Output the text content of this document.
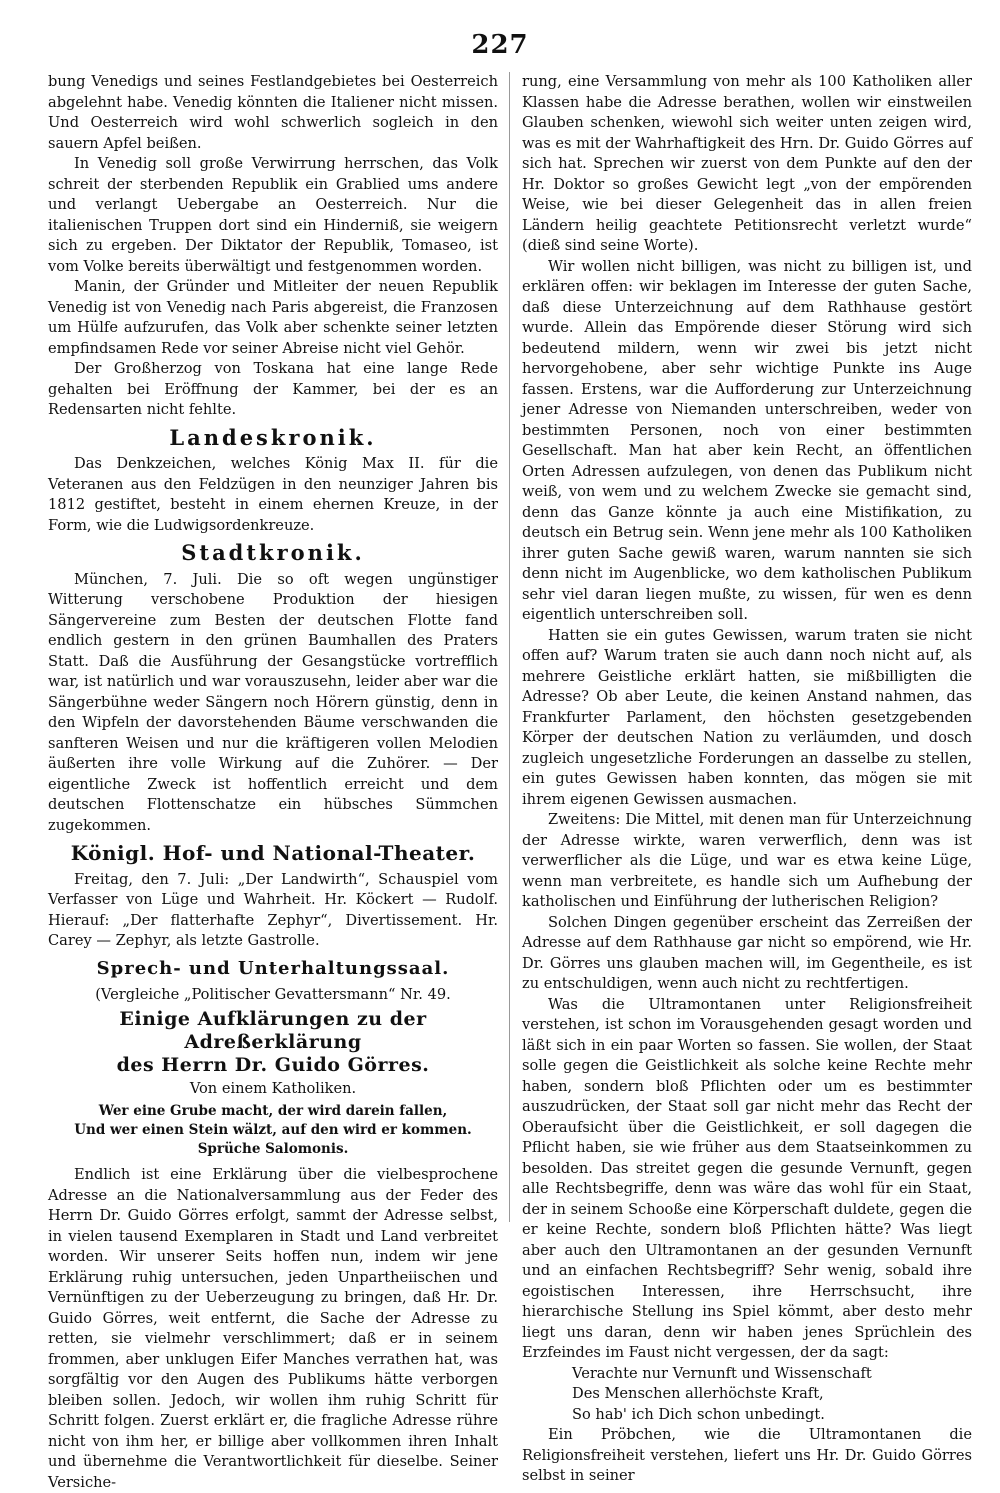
227

bung Venedigs und seines Festlandgebietes bei Oesterreich abgelehnt habe. Venedig könnten die Italiener nicht missen. Und Oesterreich wird wohl schwerlich sogleich in den sauern Apfel beißen.

In Venedig soll große Verwirrung herrschen, das Volk schreit der sterbenden Republik ein Grablied ums andere und verlangt Uebergabe an Oesterreich. Nur die italienischen Truppen dort sind ein Hinderniß, sie weigern sich zu ergeben. Der Diktator der Republik, Tomaseo, ist vom Volke bereits überwältigt und festgenommen worden.

Manin, der Gründer und Mitleiter der neuen Republik Venedig ist von Venedig nach Paris abgereist, die Franzosen um Hülfe aufzurufen, das Volk aber schenkte seiner letzten empfindsamen Rede vor seiner Abreise nicht viel Gehör.

Der Großherzog von Toskana hat eine lange Rede gehalten bei Eröffnung der Kammer, bei der es an Redensarten nicht fehlte.

Landeskronik.

Das Denkzeichen, welches König Max II. für die Veteranen aus den Feldzügen in den neunziger Jahren bis 1812 gestiftet, besteht in einem ehernen Kreuze, in der Form, wie die Ludwigsordenkreuze.

Stadtkronik.

München, 7. Juli. Die so oft wegen ungünstiger Witterung verschobene Produktion der hiesigen Sängervereine zum Besten der deutschen Flotte fand endlich gestern in den grünen Baumhallen des Praters Statt. Daß die Ausführung der Gesangstücke vortrefflich war, ist natürlich und war vorauszusehn, leider aber war die Sängerbühne weder Sängern noch Hörern günstig, denn in den Wipfeln der davorstehenden Bäume verschwanden die sanfteren Weisen und nur die kräftigeren vollen Melodien äußerten ihre volle Wirkung auf die Zuhörer. — Der eigentliche Zweck ist hoffentlich erreicht und dem deutschen Flottenschatze ein hübsches Sümmchen zugekommen.

Königl. Hof- und National-Theater.

Freitag, den 7. Juli: „Der Landwirth“, Schauspiel vom Verfasser von Lüge und Wahrheit. Hr. Köckert — Rudolf. Hierauf: „Der flatterhafte Zephyr“, Divertissement. Hr. Carey — Zephyr, als letzte Gastrolle.

Sprech- und Unterhaltungssaal.

(Vergleiche „Politischer Gevattersmann“ Nr. 49.

Einige Aufklärungen zu der Adreßerklärung
des Herrn Dr. Guido Görres.

Von einem Katholiken.

Wer eine Grube macht, der wird darein fallen,
Und wer einen Stein wälzt, auf den wird er kommen.
Sprüche Salomonis.

Endlich ist eine Erklärung über die vielbesprochene Adresse an die Nationalversammlung aus der Feder des Herrn Dr. Guido Görres erfolgt, sammt der Adresse selbst, in vielen tausend Exemplaren in Stadt und Land verbreitet worden. Wir unserer Seits hoffen nun, indem wir jene Erklärung ruhig untersuchen, jeden Unpartheiischen und Vernünftigen zu der Ueberzeugung zu bringen, daß Hr. Dr. Guido Görres, weit entfernt, die Sache der Adresse zu retten, sie vielmehr verschlimmert; daß er in seinem frommen, aber unklugen Eifer Manches verrathen hat, was sorgfältig vor den Augen des Publikums hätte verborgen bleiben sollen. Jedoch, wir wollen ihm ruhig Schritt für Schritt folgen. Zuerst erklärt er, die fragliche Adresse rühre nicht von ihm her, er billige aber vollkommen ihren Inhalt und übernehme die Verantwortlichkeit für dieselbe. Seiner Versiche-

rung, eine Versammlung von mehr als 100 Katholiken aller Klassen habe die Adresse berathen, wollen wir einstweilen Glauben schenken, wiewohl sich weiter unten zeigen wird, was es mit der Wahrhaftigkeit des Hrn. Dr. Guido Görres auf sich hat. Sprechen wir zuerst von dem Punkte auf den der Hr. Doktor so großes Gewicht legt „von der empörenden Weise, wie bei dieser Gelegenheit das in allen freien Ländern heilig geachtete Petitionsrecht verletzt wurde“ (dieß sind seine Worte).

Wir wollen nicht billigen, was nicht zu billigen ist, und erklären offen: wir beklagen im Interesse der guten Sache, daß diese Unterzeichnung auf dem Rathhause gestört wurde. Allein das Empörende dieser Störung wird sich bedeutend mildern, wenn wir zwei bis jetzt nicht hervorgehobene, aber sehr wichtige Punkte ins Auge fassen. Erstens, war die Aufforderung zur Unterzeichnung jener Adresse von Niemanden unterschreiben, weder von bestimmten Personen, noch von einer bestimmten Gesellschaft. Man hat aber kein Recht, an öffentlichen Orten Adressen aufzulegen, von denen das Publikum nicht weiß, von wem und zu welchem Zwecke sie gemacht sind, denn das Ganze könnte ja auch eine Mistifikation, zu deutsch ein Betrug sein. Wenn jene mehr als 100 Katholiken ihrer guten Sache gewiß waren, warum nannten sie sich denn nicht im Augenblicke, wo dem katholischen Publikum sehr viel daran liegen mußte, zu wissen, für wen es denn eigentlich unterschreiben soll.

Hatten sie ein gutes Gewissen, warum traten sie nicht offen auf? Warum traten sie auch dann noch nicht auf, als mehrere Geistliche erklärt hatten, sie mißbilligten die Adresse? Ob aber Leute, die keinen Anstand nahmen, das Frankfurter Parlament, den höchsten gesetzgebenden Körper der deutschen Nation zu verläumden, und dosch zugleich ungesetzliche Forderungen an dasselbe zu stellen, ein gutes Gewissen haben konnten, das mögen sie mit ihrem eigenen Gewissen ausmachen.

Zweitens: Die Mittel, mit denen man für Unterzeichnung der Adresse wirkte, waren verwerflich, denn was ist verwerflicher als die Lüge, und war es etwa keine Lüge, wenn man verbreitete, es handle sich um Aufhebung der katholischen und Einführung der lutherischen Religion?

Solchen Dingen gegenüber erscheint das Zerreißen der Adresse auf dem Rathhause gar nicht so empörend, wie Hr. Dr. Görres uns glauben machen will, im Gegentheile, es ist zu entschuldigen, wenn auch nicht zu rechtfertigen.

Was die Ultramontanen unter Religionsfreiheit verstehen, ist schon im Vorausgehenden gesagt worden und läßt sich in ein paar Worten so fassen. Sie wollen, der Staat solle gegen die Geistlichkeit als solche keine Rechte mehr haben, sondern bloß Pflichten oder um es bestimmter auszudrücken, der Staat soll gar nicht mehr das Recht der Oberaufsicht über die Geistlichkeit, er soll dagegen die Pflicht haben, sie wie früher aus dem Staatseinkommen zu besolden. Das streitet gegen die gesunde Vernunft, gegen alle Rechtsbegriffe, denn was wäre das wohl für ein Staat, der in seinem Schooße eine Körperschaft duldete, gegen die er keine Rechte, sondern bloß Pflichten hätte? Was liegt aber auch den Ultramontanen an der gesunden Vernunft und an einfachen Rechtsbegriff? Sehr wenig, sobald ihre egoistischen Interessen, ihre Herrschsucht, ihre hierarchische Stellung ins Spiel kömmt, aber desto mehr liegt uns daran, denn wir haben jenes Sprüchlein des Erzfeindes im Faust nicht vergessen, der da sagt:

Verachte nur Vernunft und Wissenschaft
Des Menschen allerhöchste Kraft,
So hab' ich Dich schon unbedingt.

Ein Pröbchen, wie die Ultramontanen die Religionsfreiheit verstehen, liefert uns Hr. Dr. Guido Görres selbst in seiner
